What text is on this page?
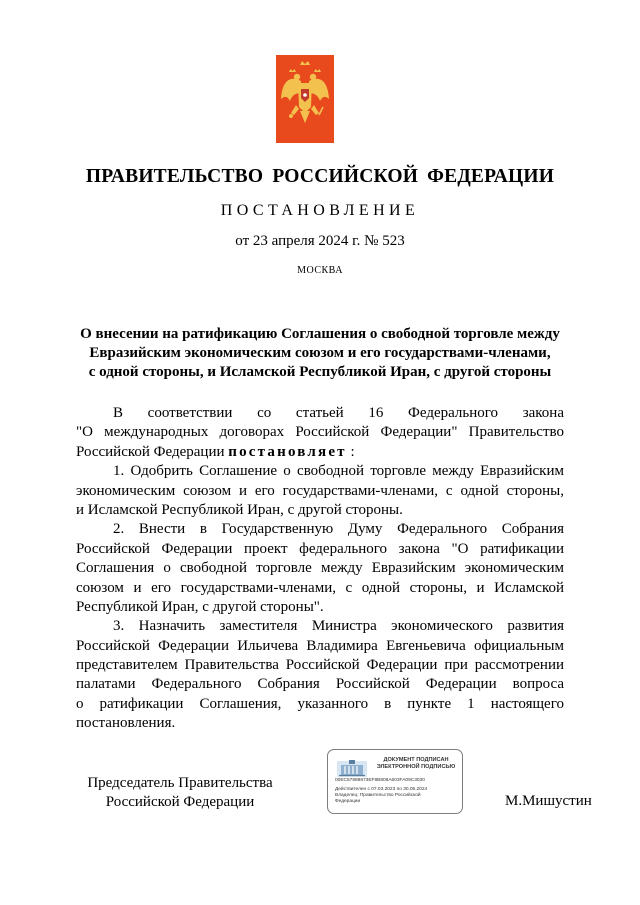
ПРАВИТЕЛЬСТВО РОССИЙСКОЙ ФЕДЕРАЦИИ
ПОСТАНОВЛЕНИЕ
от 23 апреля 2024 г. № 523
МОСКВА
О внесении на ратификацию Соглашения о свободной торговле между
Евразийским экономическим союзом и его государствами-членами,
с одной стороны, и Исламской Республикой Иран, с другой стороны
В соответствии со статьей 16 Федерального закона
"О международных договорах Российской Федерации" Правительство
Российской Федерации постановляет :
1. Одобрить Соглашение о свободной торговле между Евразийским
экономическим союзом и его государствами-членами, с одной стороны,
и Исламской Республикой Иран, с другой стороны.
2. Внести в Государственную Думу Федерального Собрания
Российской Федерации проект федерального закона "О ратификации
Соглашения о свободной торговле между Евразийским экономическим
союзом и его государствами-членами, с одной стороны, и Исламской
Республикой Иран, с другой стороны".
3. Назначить заместителя Министра экономического развития
Российской Федерации Ильичева Владимира Евгеньевича официальным
представителем Правительства Российской Федерации при рассмотрении
палатами Федерального Собрания Российской Федерации вопроса
о ратификации Соглашения, указанного в пункте 1 настоящего
постановления.
Председатель Правительства
Российской Федерации
ДОКУМЕНТ ПОДПИСАН
ЭЛЕКТРОННОЙ ПОДПИСЬЮ
00EC57888873EF8B808A603FA09C3030
Действителен с 07.03.2023 по 30.05.2024
Владелец: Правительство Российской
Федерации	М.Мишустин
